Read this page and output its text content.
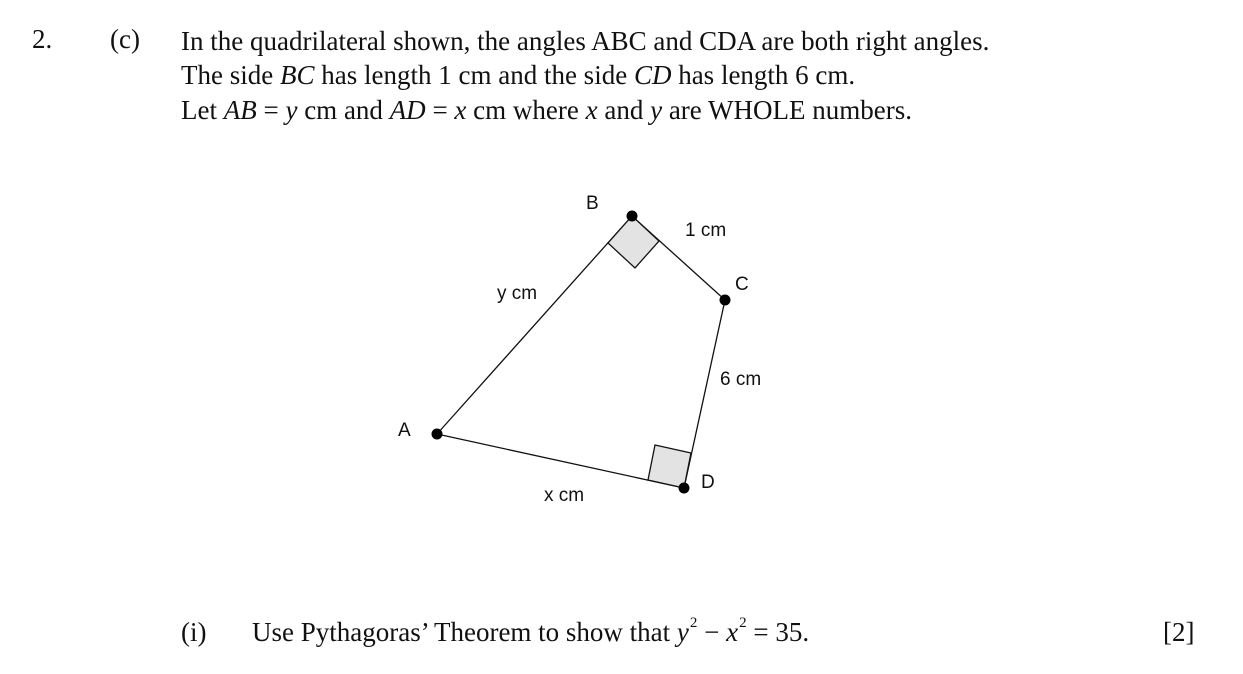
2. (c) In the quadrilateral shown, the angles ABC and CDA are both right angles.
The side BC has length 1 cm and the side CD has length 6 cm.
Let AB = y cm and AD = x cm where x and y are WHOLE numbers.
B
C
A
D
1 cm
y cm
6 cm
x cm
(i) Use Pythagoras’ Theorem to show that $y^2 - x^2 = 35$.	[2]
